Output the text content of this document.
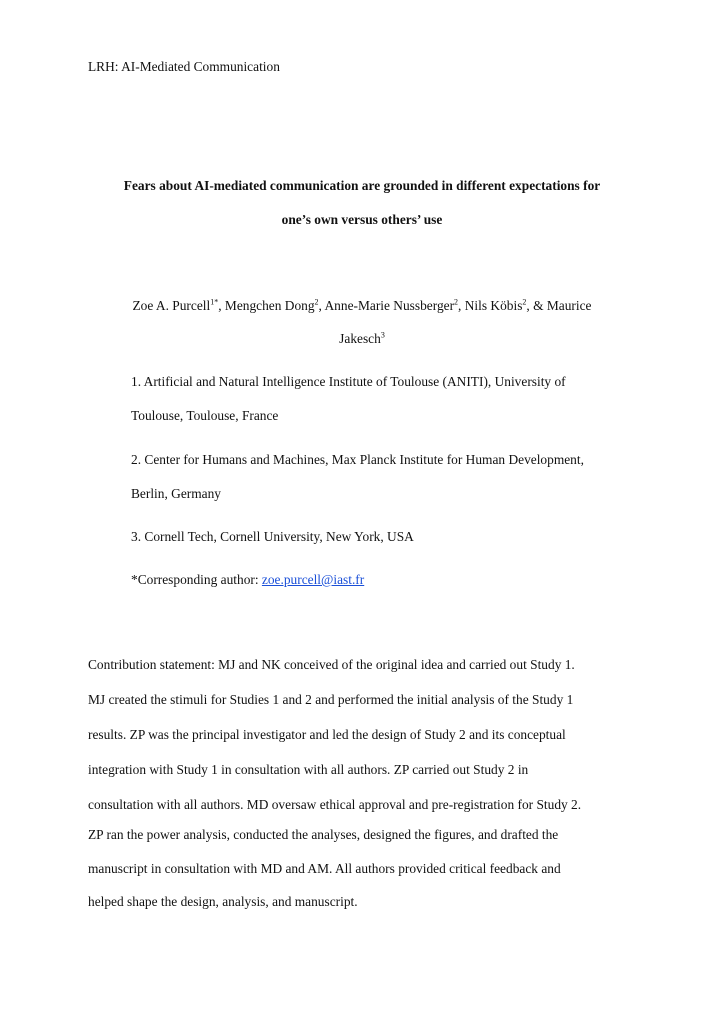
LRH: AI-Mediated Communication
Fears about AI-mediated communication are grounded in different expectations for
one’s own versus others’ use
Zoe A. Purcell$^{1*}$, Mengchen Dong$^2$, Anne-Marie Nussberger$^2$, Nils Köbis$^2$, & Maurice
Jakesch$^3$
1. Artificial and Natural Intelligence Institute of Toulouse (ANITI), University of
Toulouse, Toulouse, France
2. Center for Humans and Machines, Max Planck Institute for Human Development,
Berlin, Germany
3. Cornell Tech, Cornell University, New York, USA
*Corresponding author: zoe.purcell@iast.fr
Contribution statement: MJ and NK conceived of the original idea and carried out Study 1.
MJ created the stimuli for Studies 1 and 2 and performed the initial analysis of the Study 1
results. ZP was the principal investigator and led the design of Study 2 and its conceptual
integration with Study 1 in consultation with all authors. ZP carried out Study 2 in
consultation with all authors. MD oversaw ethical approval and pre-registration for Study 2.
ZP ran the power analysis, conducted the analyses, designed the figures, and drafted the
manuscript in consultation with MD and AM. All authors provided critical feedback and
helped shape the design, analysis, and manuscript.
